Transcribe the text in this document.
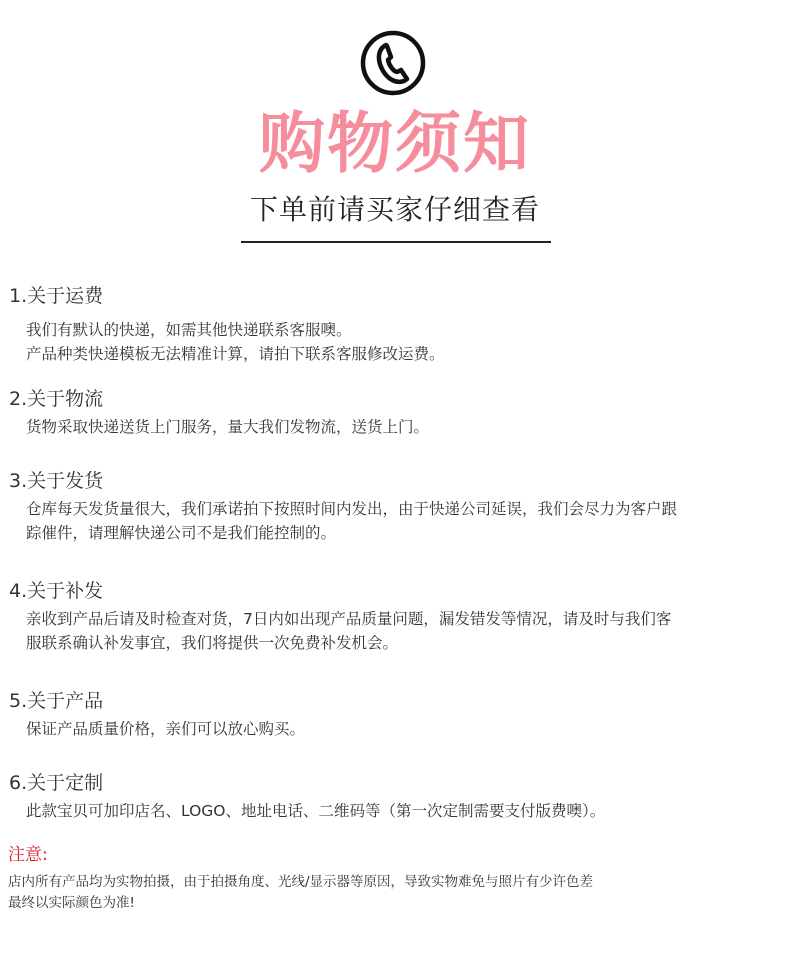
购物须知
下单前请买家仔细查看
1.关于运费
我们有默认的快递，如需其他快递联系客服噢。
产品种类快递模板无法精准计算，请拍下联系客服修改运费。
2.关于物流
货物采取快递送货上门服务，量大我们发物流，送货上门。
3.关于发货
仓库每天发货量很大，我们承诺拍下按照时间内发出，由于快递公司延误，我们会尽力为客户跟
踪催件，请理解快递公司不是我们能控制的。
4.关于补发
亲收到产品后请及时检查对货，7日内如出现产品质量问题，漏发错发等情况，请及时与我们客
服联系确认补发事宜，我们将提供一次免费补发机会。
5.关于产品
保证产品质量价格，亲们可以放心购买。
6.关于定制
此款宝贝可加印店名、LOGO、地址电话、二维码等（第一次定制需要支付版费噢）。
注意:
店内所有产品均为实物拍摄，由于拍摄角度、光线/显示器等原因，导致实物难免与照片有少许色差
最终以实际颜色为准!
